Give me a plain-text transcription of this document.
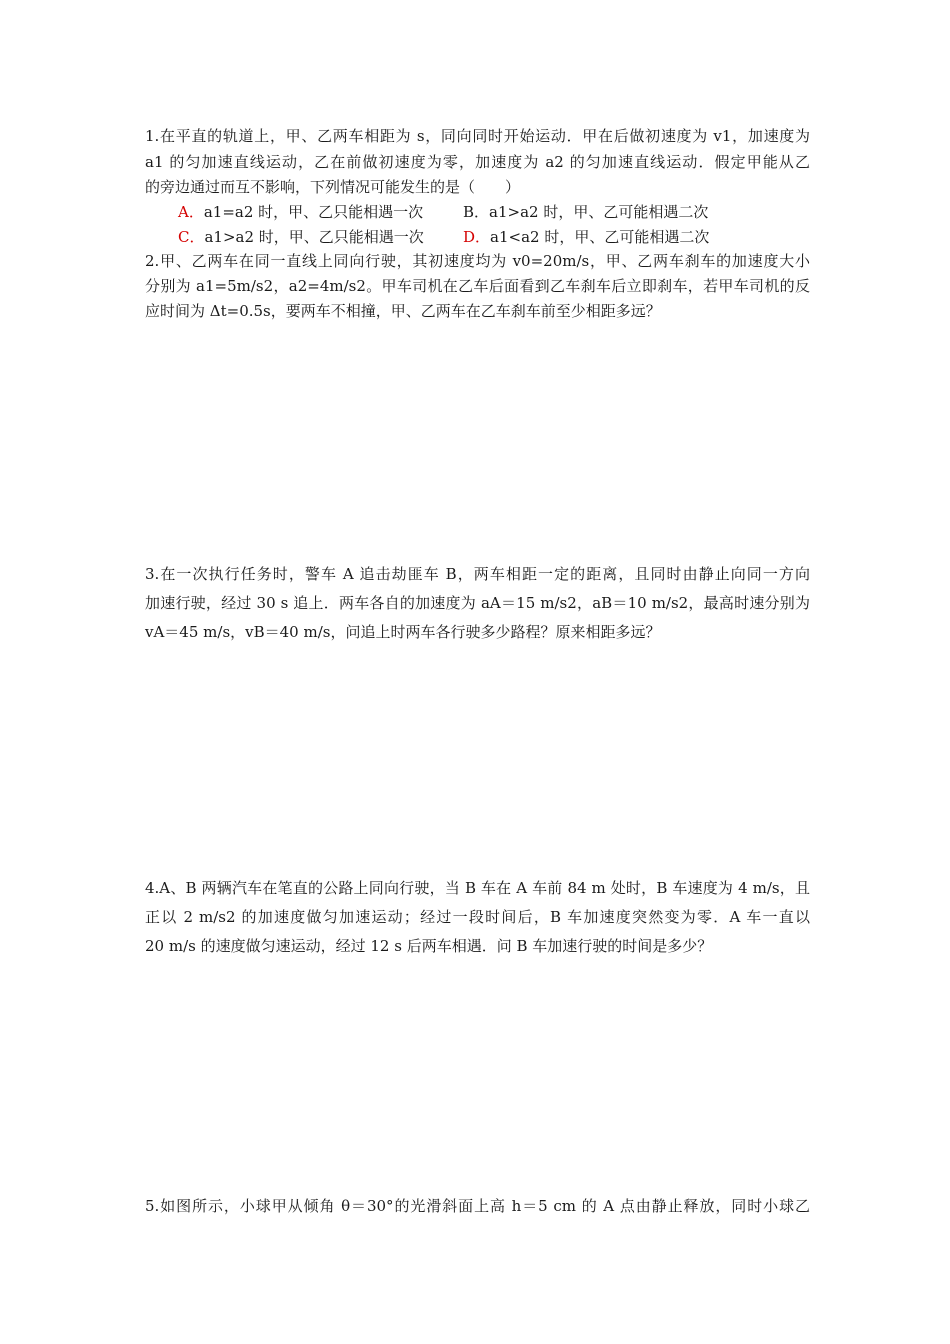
1.在平直的轨道上，甲、乙两车相距为 s，同向同时开始运动．甲在后做初速度为 v1，加速度为
a1 的匀加速直线运动，乙在前做初速度为零，加速度为 a2 的匀加速直线运动．假定甲能从乙
的旁边通过而互不影响，下列情况可能发生的是（　　）
A．a1=a2 时，甲、乙只能相遇一次	B．a1>a2 时，甲、乙可能相遇二次
C．a1>a2 时，甲、乙只能相遇一次	D．a1<a2 时，甲、乙可能相遇二次
2.甲、乙两车在同一直线上同向行驶，其初速度均为 v0=20m/s，甲、乙两车刹车的加速度大小
分别为 a1=5m/s2，a2=4m/s2。甲车司机在乙车后面看到乙车刹车后立即刹车，若甲车司机的反
应时间为 Δt=0.5s，要两车不相撞，甲、乙两车在乙车刹车前至少相距多远？
3.在一次执行任务时，警车 A 追击劫匪车 B，两车相距一定的距离，且同时由静止向同一方向
加速行驶，经过 30 s 追上．两车各自的加速度为 aA＝15 m/s2，aB＝10 m/s2，最高时速分别为
vA＝45 m/s，vB＝40 m/s，问追上时两车各行驶多少路程？原来相距多远？
4.A、B 两辆汽车在笔直的公路上同向行驶，当 B 车在 A 车前 84 m 处时，B 车速度为 4 m/s，且
正以 2 m/s2 的加速度做匀加速运动；经过一段时间后，B 车加速度突然变为零．A 车一直以
20 m/s 的速度做匀速运动，经过 12 s 后两车相遇．问 B 车加速行驶的时间是多少？
5.如图所示，小球甲从倾角 θ＝30°的光滑斜面上高 h＝5 cm 的 A 点由静止释放，同时小球乙
